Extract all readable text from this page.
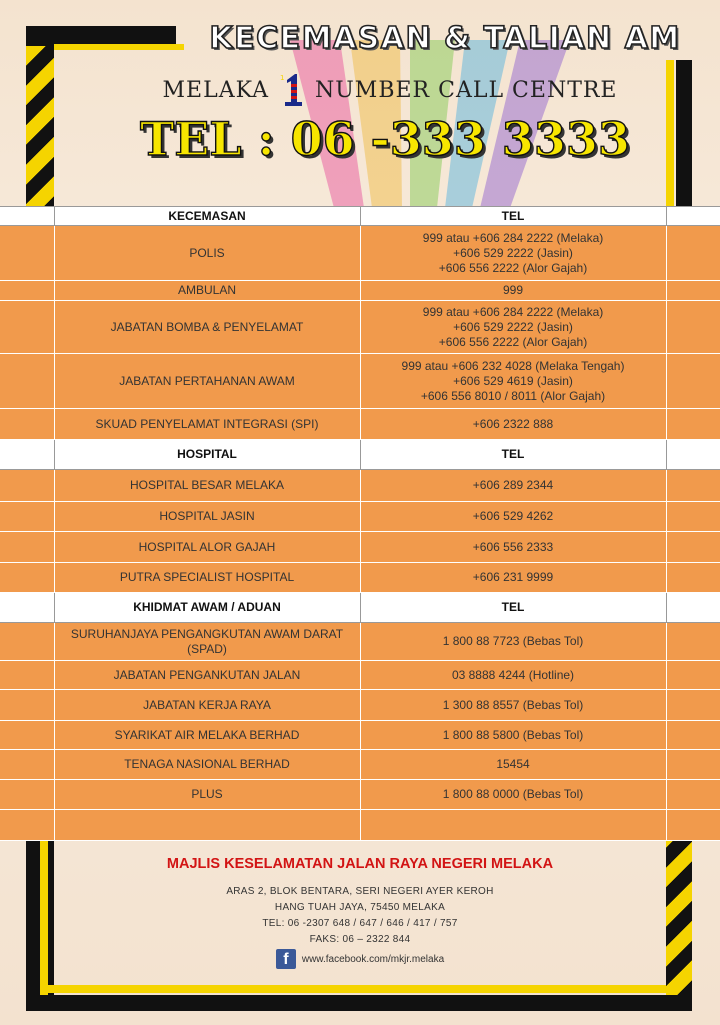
KECEMASAN & TALIAN AM
MELAKA 1 NUMBER CALL CENTRE
TEL : 06 -333 3333
	KECEMASAN	TEL	
	POLIS	999 atau +606 284 2222 (Melaka)
+606 529 2222 (Jasin)
+606 556 2222 (Alor Gajah)	

	AMBULAN	999	

	JABATAN BOMBA & PENYELAMAT	999 atau +606 284 2222 (Melaka)
+606 529 2222 (Jasin)
+606 556 2222 (Alor Gajah)	

	JABATAN PERTAHANAN AWAM	999 atau +606 232 4028 (Melaka Tengah)
+606 529 4619 (Jasin)
+606 556 8010 / 8011 (Alor Gajah)	

	SKUAD PENYELAMAT INTEGRASI (SPI)	+606 2322 888	

	HOSPITAL	TEL	
	HOSPITAL BESAR MELAKA	+606 289 2344	

	HOSPITAL JASIN	+606 529 4262	

	HOSPITAL ALOR GAJAH	+606 556 2333	

	PUTRA SPECIALIST HOSPITAL	+606 231 9999	

	KHIDMAT AWAM / ADUAN	TEL	
	SURUHANJAYA PENGANGKUTAN AWAM DARAT (SPAD)	1 800 88 7723 (Bebas Tol)	

	JABATAN PENGANKUTAN JALAN	03 8888 4244 (Hotline)	

	JABATAN KERJA RAYA	1 300 88 8557 (Bebas Tol)	

	SYARIKAT AIR MELAKA BERHAD	1 800 88 5800 (Bebas Tol)	

	TENAGA NASIONAL BERHAD	15454	

	PLUS	1 800 88 0000 (Bebas Tol)	

MAJLIS KESELAMATAN JALAN RAYA NEGERI MELAKA
ARAS 2, BLOK BENTARA, SERI NEGERI AYER KEROH
HANG TUAH JAYA, 75450 MELAKA
TEL: 06 -2307 648 / 647 / 646 / 417 / 757
FAKS: 06 – 2322 844
f	www.facebook.com/mkjr.melaka
